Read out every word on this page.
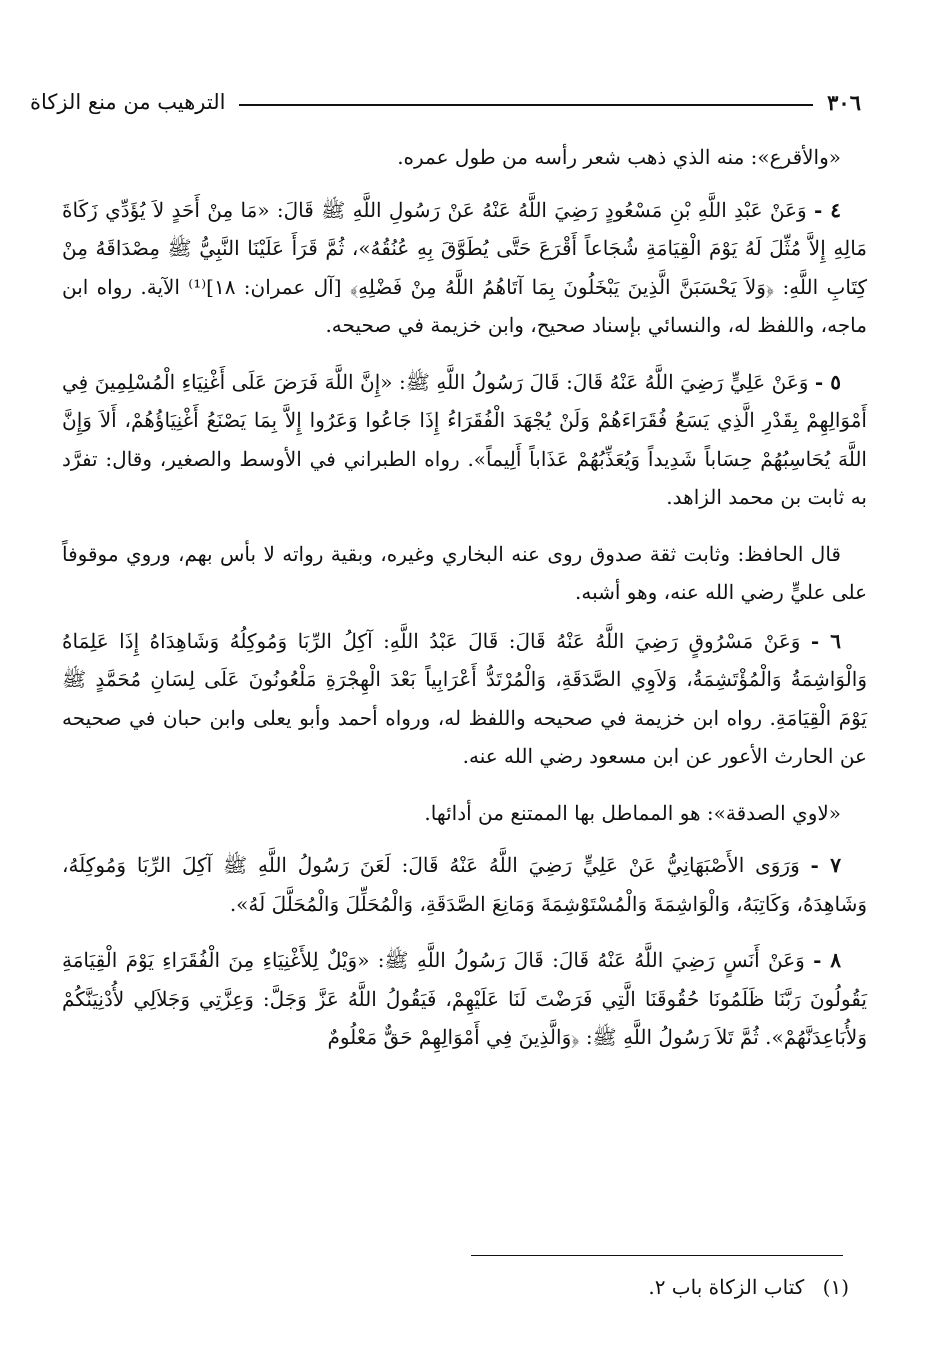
٣٠٦
الترهيب من منع الزكاة

«والأقرع»: منه الذي ذهب شعر رأسه من طول عمره.

٤ - وَعَنْ عَبْدِ اللَّهِ بْنِ مَسْعُودٍ رَضِيَ اللَّهُ عَنْهُ عَنْ رَسُولِ اللَّهِ ﷺ قَالَ: «مَا مِنْ أَحَدٍ لاَ يُؤَدِّي زَكَاةَ مَالِهِ إِلاَّ مُثِّلَ لَهُ يَوْمَ الْقِيَامَةِ شُجَاعاً أَقْرَعَ حَتَّى يُطَوَّقَ بِهِ عُنُقُهُ»، ثُمَّ قَرَأَ عَلَيْنَا النَّبِيُّ ﷺ مِصْدَاقَهُ مِنْ كِتَابِ اللَّهِ: ﴿وَلاَ يَحْسَبَنَّ الَّذِينَ يَبْخَلُونَ بِمَا آتَاهُمُ اللَّهُ مِنْ فَضْلِهِ﴾ [آل عمران: ١٨]⁽¹⁾ الآية. رواه ابن ماجه، واللفظ له، والنسائي بإسناد صحيح، وابن خزيمة في صحيحه.

٥ - وَعَنْ عَلِيٍّ رَضِيَ اللَّهُ عَنْهُ قَالَ: قَالَ رَسُولُ اللَّهِ ﷺ: «إِنَّ اللَّهَ فَرَضَ عَلَى أَغْنِيَاءِ الْمُسْلِمِينَ فِي أَمْوَالِهِمْ بِقَدْرِ الَّذِي يَسَعُ فُقَرَاءَهُمْ وَلَنْ يُجْهَدَ الْفُقَرَاءُ إِذَا جَاعُوا وَعَرُوا إِلاَّ بِمَا يَصْنَعُ أَغْنِيَاؤُهُمْ، أَلاَ وَإِنَّ اللَّهَ يُحَاسِبُهُمْ حِسَاباً شَدِيداً وَيُعَذِّبُهُمْ عَذَاباً أَلِيماً». رواه الطبراني في الأوسط والصغير، وقال: تفرَّد به ثابت بن محمد الزاهد.

قال الحافظ: وثابت ثقة صدوق روى عنه البخاري وغيره، وبقية رواته لا بأس بهم، وروي موقوفاً على عليٍّ رضي الله عنه، وهو أشبه.

٦ - وَعَنْ مَسْرُوقٍ رَضِيَ اللَّهُ عَنْهُ قَالَ: قَالَ عَبْدُ اللَّهِ: آكِلُ الرِّبَا وَمُوكِلُهُ وَشَاهِدَاهُ إِذَا عَلِمَاهُ وَالْوَاشِمَةُ وَالْمُؤْتَشِمَةُ، وَلاَوِي الصَّدَقَةِ، وَالْمُرْتَدُّ أَعْرَابِياً بَعْدَ الْهِجْرَةِ مَلْعُونُونَ عَلَى لِسَانِ مُحَمَّدٍ ﷺ يَوْمَ الْقِيَامَةِ. رواه ابن خزيمة في صحيحه واللفظ له، ورواه أحمد وأبو يعلى وابن حبان في صحيحه عن الحارث الأعور عن ابن مسعود رضي الله عنه.

«لاوي الصدقة»: هو المماطل بها الممتنع من أدائها.

٧ - وَرَوَى الأَصْبَهَانِيُّ عَنْ عَلِيٍّ رَضِيَ اللَّهُ عَنْهُ قَالَ: لَعَنَ رَسُولُ اللَّهِ ﷺ آكِلَ الرِّبَا وَمُوكِلَهُ، وَشَاهِدَهُ، وَكَاتِبَهُ، وَالْوَاشِمَةَ وَالْمُسْتَوْشِمَةَ وَمَانِعَ الصَّدَقَةِ، وَالْمُحَلِّلَ وَالْمُحَلَّلَ لَهُ».

٨ - وَعَنْ أَنَسٍ رَضِيَ اللَّهُ عَنْهُ قَالَ: قَالَ رَسُولُ اللَّهِ ﷺ: «وَيْلٌ لِلأَغْنِيَاءِ مِنَ الْفُقَرَاءِ يَوْمَ الْقِيَامَةِ يَقُولُونَ رَبَّنَا ظَلَمُونَا حُقُوقَنَا الَّتِي فَرَضْتَ لَنَا عَلَيْهِمْ، فَيَقُولُ اللَّهُ عَزَّ وَجَلَّ: وَعِزَّتِي وَجَلاَلِي لأُدْنِيَنَّكُمْ وَلأُبَاعِدَنَّهُمْ». ثُمَّ تَلاَ رَسُولُ اللَّهِ ﷺ: ﴿وَالَّذِينَ فِي أَمْوَالِهِمْ حَقٌّ مَعْلُومٌ

(١) كتاب الزكاة باب ٢.
